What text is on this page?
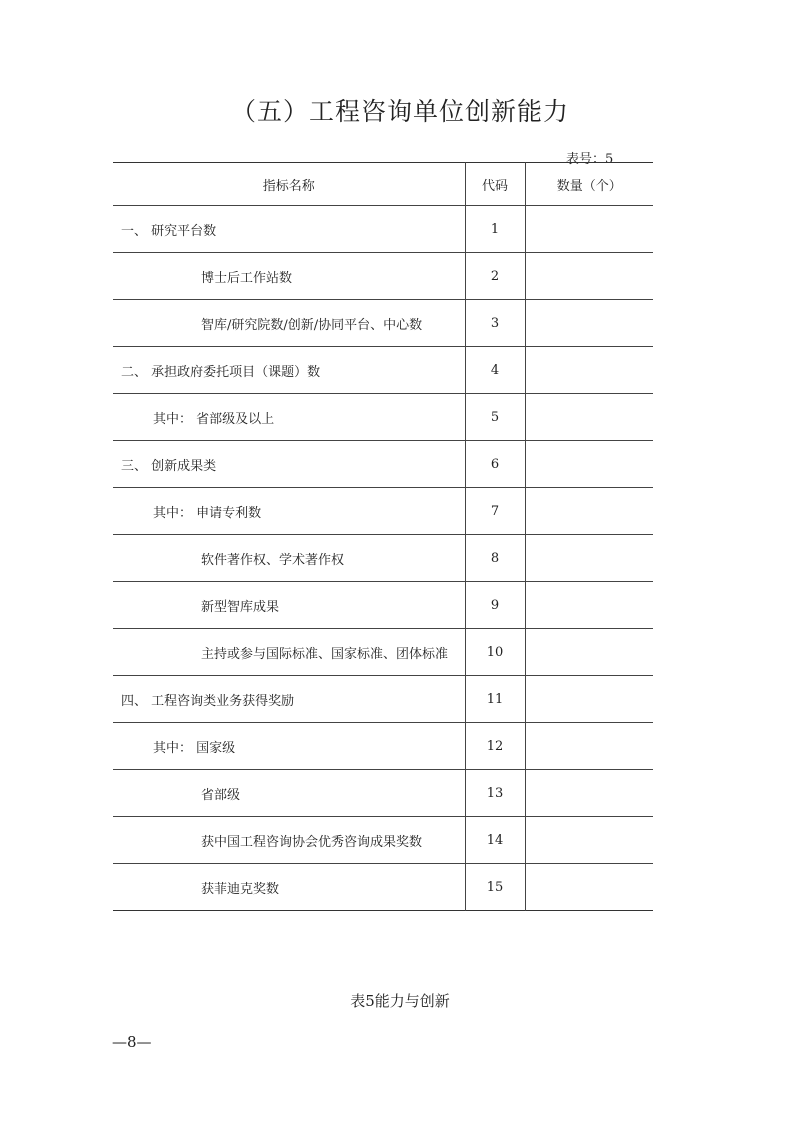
（五）工程咨询单位创新能力
表号：5
指标名称	代码	数量（个）
一、 研究平台数	1	
博士后工作站数	2	
智库/研究院数/创新/协同平台、中心数	3	
二、 承担政府委托项目（课题）数	4	
其中： 省部级及以上	5	
三、 创新成果类	6	
其中： 申请专利数	7	
软件著作权、学术著作权	8	
新型智库成果	9	
主持或参与国际标准、国家标准、团体标准	10	
四、 工程咨询类业务获得奖励	11	
其中： 国家级	12	
省部级	13	
获中国工程咨询协会优秀咨询成果奖数	14	
获菲迪克奖数	15	
表5能力与创新
—8—
